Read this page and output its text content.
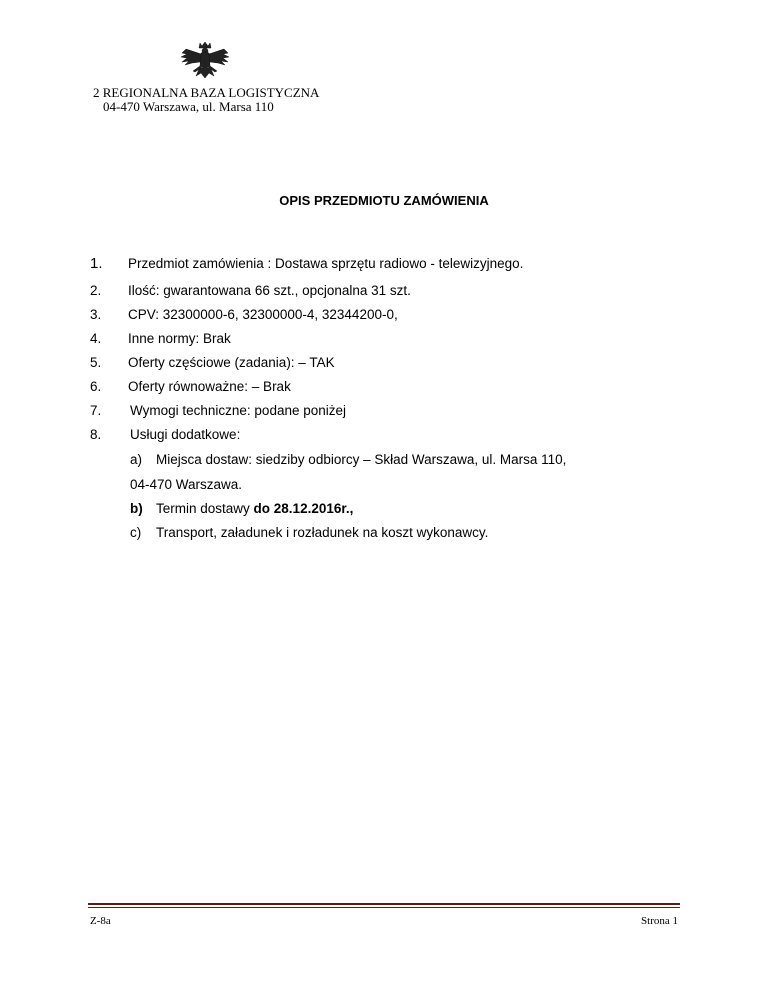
2 REGIONALNA BAZA LOGISTYCZNA
04-470 Warszawa, ul. Marsa 110
OPIS PRZEDMIOTU ZAMÓWIENIA
1. Przedmiot zamówienia : Dostawa sprzętu radiowo - telewizyjnego.
2. Ilość: gwarantowana 66 szt., opcjonalna 31 szt.
3. CPV: 32300000-6, 32300000-4, 32344200-0,
4. Inne normy: Brak
5. Oferty częściowe (zadania): – TAK
6. Oferty równoważne: – Brak
7. Wymogi techniczne: podane poniżej
8. Usługi dodatkowe:
a) Miejsca dostaw: siedziby odbiorcy – Skład Warszawa, ul. Marsa 110,
04-470 Warszawa.
b) Termin dostawy do 28.12.2016r.,
c) Transport, załadunek i rozładunek na koszt wykonawcy.
Z-8a	Strona 1
